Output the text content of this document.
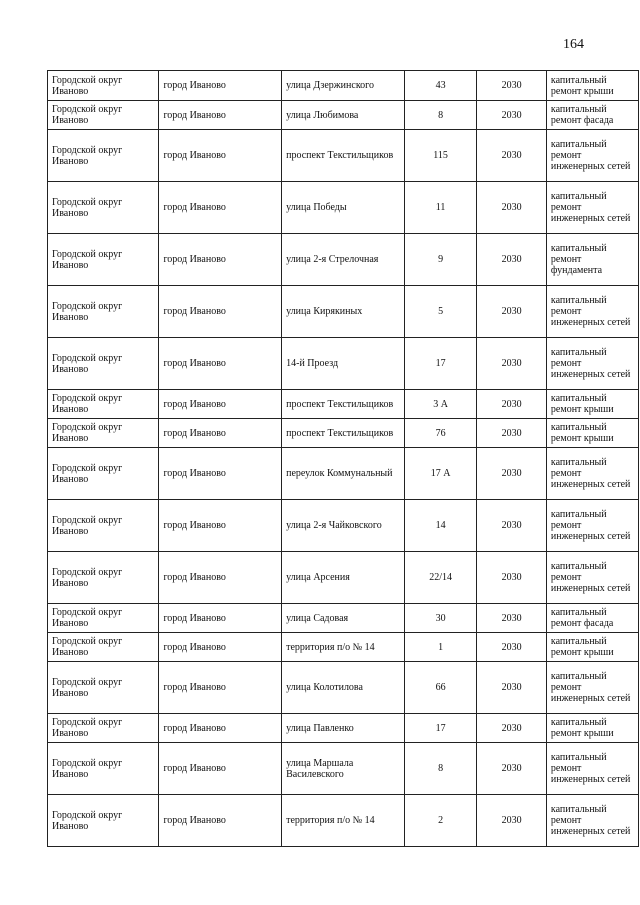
164
Городской округ Иваново	город Иваново	улица Дзержинского	43	2030	капитальный ремонт крыши
Городской округ Иваново	город Иваново	улица Любимова	8	2030	капитальный ремонт фасада
Городской округ Иваново	город Иваново	проспект Текстильщиков	115	2030	капитальный ремонт инженерных сетей
Городской округ Иваново	город Иваново	улица Победы	11	2030	капитальный ремонт инженерных сетей
Городской округ Иваново	город Иваново	улица 2-я Стрелочная	9	2030	капитальный ремонт фундамента
Городской округ Иваново	город Иваново	улица Кирякиных	5	2030	капитальный ремонт инженерных сетей
Городской округ Иваново	город Иваново	14-й Проезд	17	2030	капитальный ремонт инженерных сетей
Городской округ Иваново	город Иваново	проспект Текстильщиков	3 А	2030	капитальный ремонт крыши
Городской округ Иваново	город Иваново	проспект Текстильщиков	76	2030	капитальный ремонт крыши
Городской округ Иваново	город Иваново	переулок Коммунальный	17 А	2030	капитальный ремонт инженерных сетей
Городской округ Иваново	город Иваново	улица 2-я Чайковского	14	2030	капитальный ремонт инженерных сетей
Городской округ Иваново	город Иваново	улица Арсения	22/14	2030	капитальный ремонт инженерных сетей
Городской округ Иваново	город Иваново	улица Садовая	30	2030	капитальный ремонт фасада
Городской округ Иваново	город Иваново	территория п/о № 14	1	2030	капитальный ремонт крыши
Городской округ Иваново	город Иваново	улица Колотилова	66	2030	капитальный ремонт инженерных сетей
Городской округ Иваново	город Иваново	улица Павленко	17	2030	капитальный ремонт крыши
Городской округ Иваново	город Иваново	улица Маршала Василевского	8	2030	капитальный ремонт инженерных сетей
Городской округ Иваново	город Иваново	территория п/о № 14	2	2030	капитальный ремонт инженерных сетей
